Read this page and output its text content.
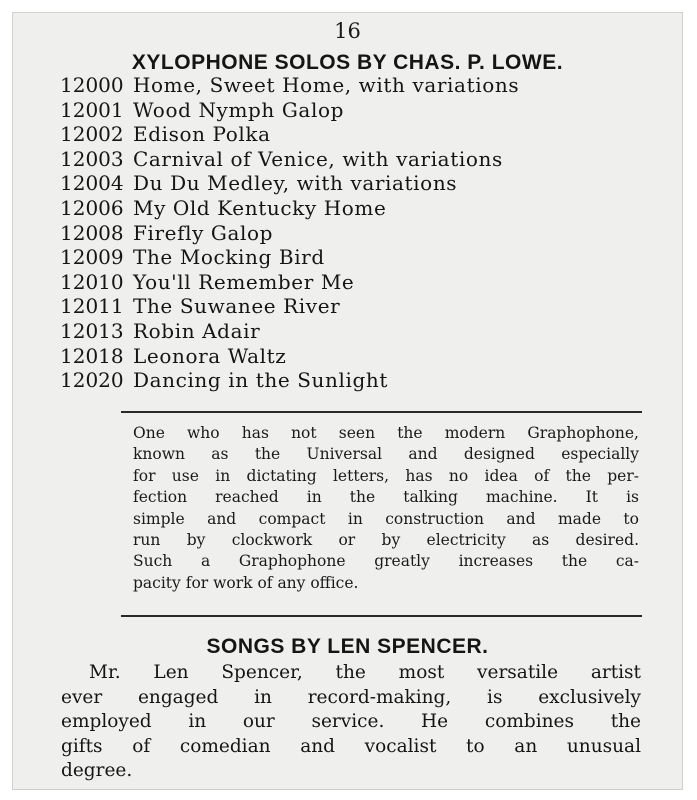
16
XYLOPHONE SOLOS BY CHAS. P. LOWE.
12000 Home, Sweet Home, with variations
12001 Wood Nymph Galop
12002 Edison Polka
12003 Carnival of Venice, with variations
12004 Du Du Medley, with variations
12006 My Old Kentucky Home
12008 Firefly Galop
12009 The Mocking Bird
12010 You'll Remember Me
12011 The Suwanee River
12013 Robin Adair
12018 Leonora Waltz
12020 Dancing in the Sunlight

One who has not seen the modern Graphophone,
known as the Universal and designed especially
for use in dictating letters, has no idea of the per-
fection reached in the talking machine. It is
simple and compact in construction and made to
run by clockwork or by electricity as desired.
Such a Graphophone greatly increases the ca-
pacity for work of any office.

SONGS BY LEN SPENCER.

Mr. Len Spencer, the most versatile artist
ever engaged in record-making, is exclusively
employed in our service. He combines the
gifts of comedian and vocalist to an unusual
degree.
